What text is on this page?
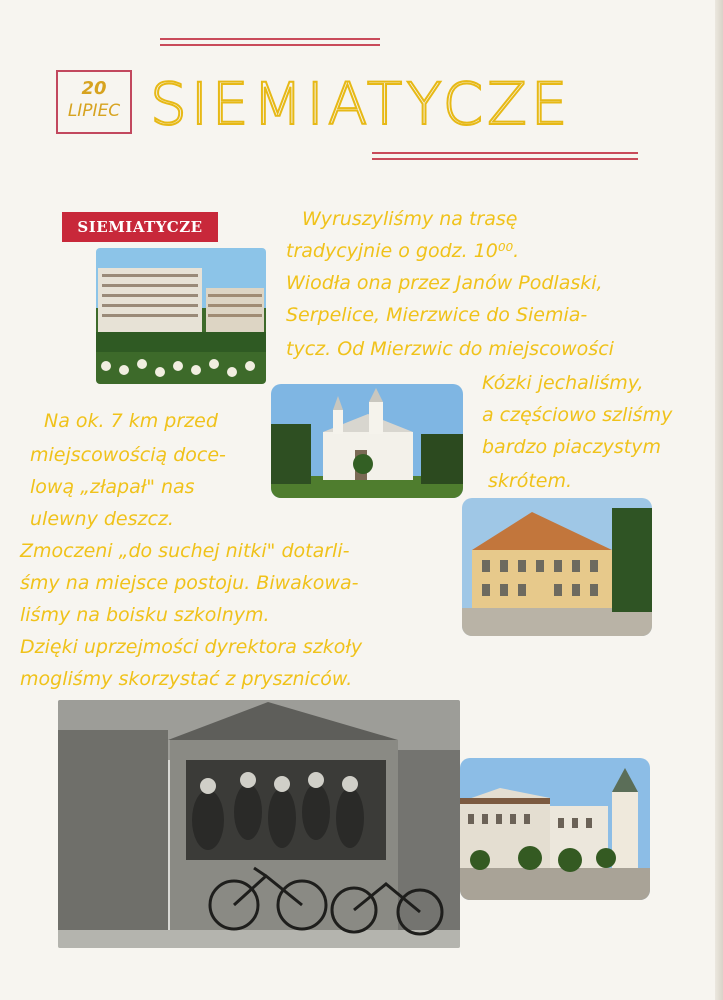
20
LIPIEC SIEMIATYCZE
SIEMIATYCZE	Wyruszyliśmy na trasę
tradycyjnie o godz. 10⁰⁰.
Wiodła ona przez Janów Podlaski,
Serpelice, Mierzwice do Siemia-
tycz. Od Mierzwic do miejscowości
Kózki jechaliśmy,
a częściowo szliśmy
bardzo piaczystym
skrótem.
Na ok. 7 km przed
miejscowością doce-
lową „złapał" nas
ulewny deszcz.
Zmoczeni „do suchej nitki" dotarli-
śmy na miejsce postoju. Biwakowa-
liśmy na boisku szkolnym.
Dzięki uprzejmości dyrektora szkoły
mogliśmy skorzystać z pryszniców.
